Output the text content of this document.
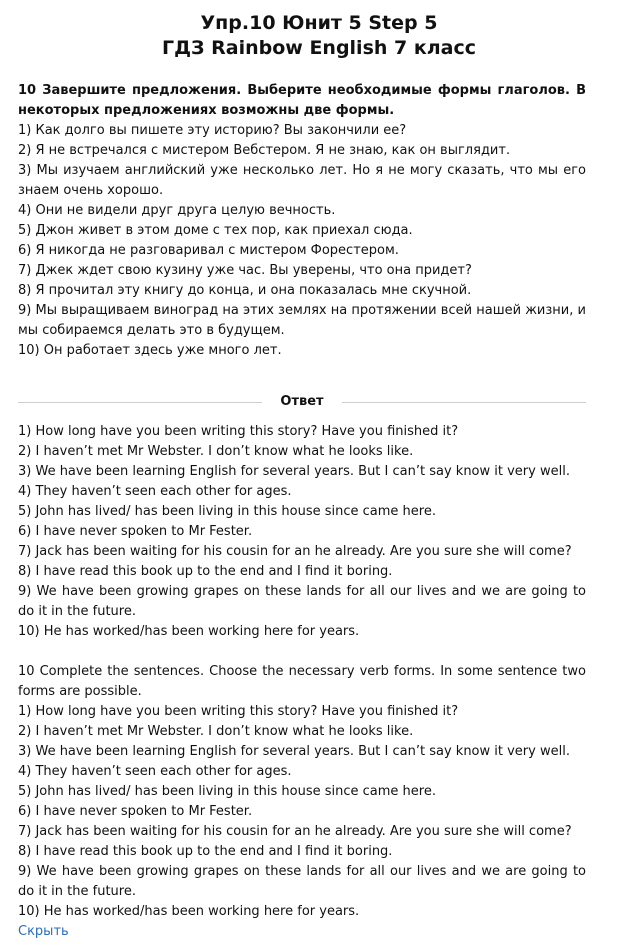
Упр.10 Юнит 5 Step 5
ГДЗ Rainbow English 7 класс

10 Завершите предложения. Выберите необходимые формы глаголов. В некоторых предложениях возможны две формы.

1) Как долго вы пишете эту историю? Вы закончили ее?

2) Я не встречался с мистером Вебстером. Я не знаю, как он выглядит.

3) Мы изучаем английский уже несколько лет. Но я не могу сказать, что мы его знаем очень хорошо.

4) Они не видели друг друга целую вечность.

5) Джон живет в этом доме с тех пор, как приехал сюда.

6) Я никогда не разговаривал с мистером Форестером.

7) Джек ждет свою кузину уже час. Вы уверены, что она придет?

8) Я прочитал эту книгу до конца, и она показалась мне скучной.

9) Мы выращиваем виноград на этих землях на протяжении всей нашей жизни, и мы собираемся делать это в будущем.

10) Он работает здесь уже много лет.

Ответ

1) How long have you been writing this story? Have you finished it?

2) I haven’t met Mr Webster. I don’t know what he looks like.

3) We have been learning English for several years. But I can’t say know it very well.

4) They haven’t seen each other for ages.

5) John has lived/ has been living in this house since came here.

6) I have never spoken to Mr Fester.

7) Jack has been waiting for his cousin for an he already. Are you sure she will come?

8) I have read this book up to the end and I find it boring.

9) We have been growing grapes on these lands for all our lives and we are going to do it in the future.

10) He has worked/has been working here for years.

10 Complete the sentences. Choose the necessary verb forms. In some sentence two forms are possible.

1) How long have you been writing this story? Have you finished it?

2) I haven’t met Mr Webster. I don’t know what he looks like.

3) We have been learning English for several years. But I can’t say know it very well.

4) They haven’t seen each other for ages.

5) John has lived/ has been living in this house since came here.

6) I have never spoken to Mr Fester.

7) Jack has been waiting for his cousin for an he already. Are you sure she will come?

8) I have read this book up to the end and I find it boring.

9) We have been growing grapes on these lands for all our lives and we are going to do it in the future.

10) He has worked/has been working here for years.

Скрыть
